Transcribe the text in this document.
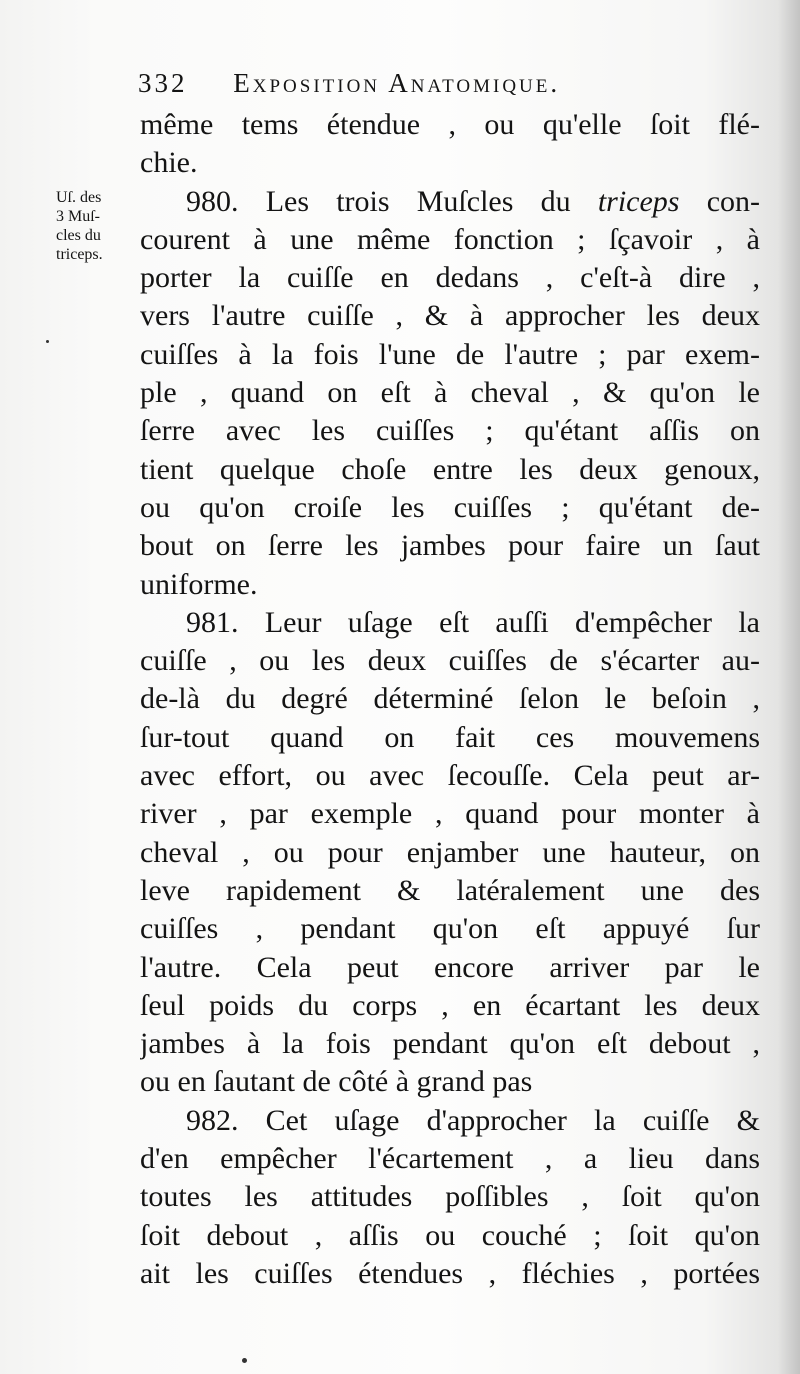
332 Exposition Anatomique.
Uſ. des
3 Muſ-
cles du
triceps.
même tems étendue , ou qu'elle ſoit flé-
chie.
980. Les trois Muſcles du triceps con-
courent à une même fonction ; ſçavoir , à
porter la cuiſſe en dedans , c'eſt-à dire ,
vers l'autre cuiſſe , & à approcher les deux
cuiſſes à la fois l'une de l'autre ; par exem-
ple , quand on eſt à cheval , & qu'on le
ſerre avec les cuiſſes ; qu'étant aſſis on
tient quelque choſe entre les deux genoux,
ou qu'on croiſe les cuiſſes ; qu'étant de-
bout on ſerre les jambes pour faire un ſaut
uniforme.
981. Leur uſage eſt auſſi d'empêcher la
cuiſſe , ou les deux cuiſſes de s'écarter au-
de-là du degré déterminé ſelon le beſoin ,
ſur-tout quand on fait ces mouvemens
avec effort, ou avec ſecouſſe. Cela peut ar-
river , par exemple , quand pour monter à
cheval , ou pour enjamber une hauteur, on
leve rapidement & latéralement une des
cuiſſes , pendant qu'on eſt appuyé ſur
l'autre. Cela peut encore arriver par le
ſeul poids du corps , en écartant les deux
jambes à la fois pendant qu'on eſt debout ,
ou en ſautant de côté à grand pas
982. Cet uſage d'approcher la cuiſſe &
d'en empêcher l'écartement , a lieu dans
toutes les attitudes poſſibles , ſoit qu'on
ſoit debout , aſſis ou couché ; ſoit qu'on
ait les cuiſſes étendues , fléchies , portées
